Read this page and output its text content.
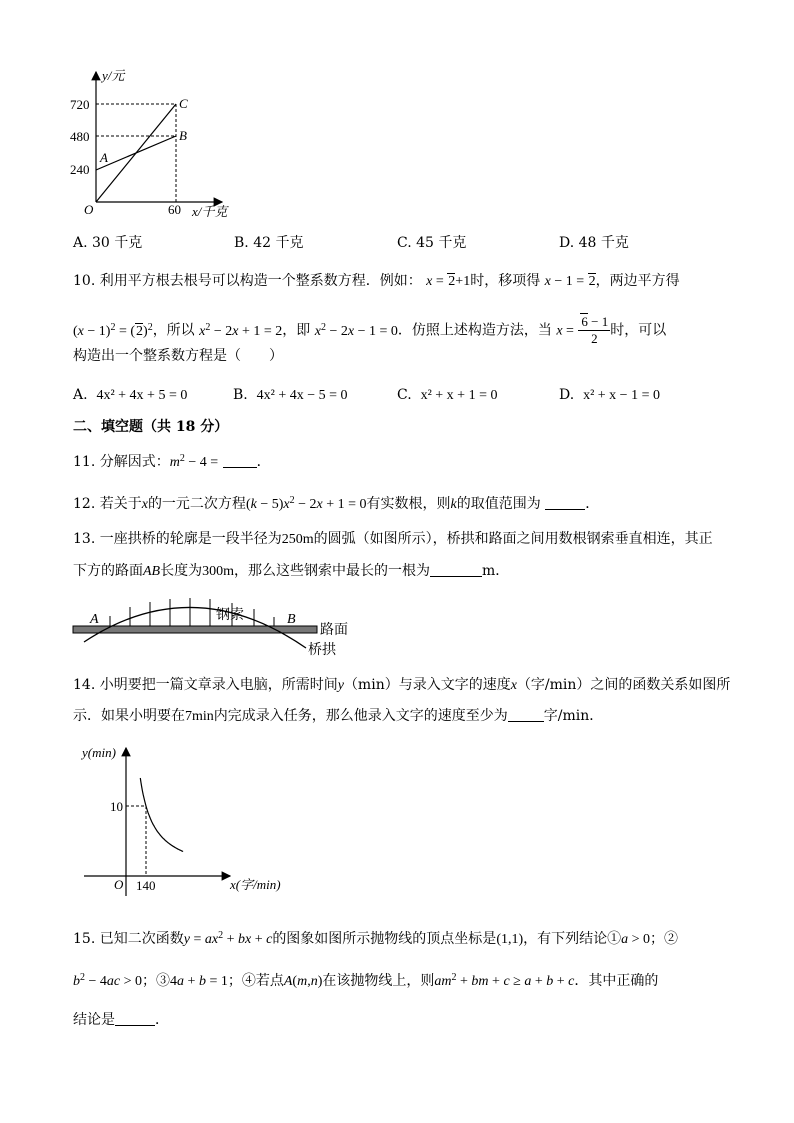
y/元
720
480
240
O	60 x/千克
A
B
C
A. 30 千克	B. 42 千克	C. 45 千克	D. 48 千克
10. 利用平方根去根号可以构造一个整系数方程．例如： x = 2+1时，移项得 x − 1 = 2，两边平方得
$(x - 1)^2 = (2)^2$，所以 $x^2 - 2x + 1 = 2$，即 $x^2 - 2x - 1 = 0$．仿照上述构造方法，当 $x = \frac{6 - 1}{2}$ 时，可以
构造出一个整系数方程是（　　）
A. 4x² + 4x + 5 = 0	B. 4x² + 4x − 5 = 0	C. x² + x + 1 = 0	D. x² + x − 1 = 0
二、填空题（共 18 分）
11. 分解因式：$m^2 - 4$ =	．
12. 若关于x的一元二次方程$(k - 5)x^2 - 2x + 1 = 0$有实数根，则k的取值范围为	．
13. 一座拱桥的轮廓是一段半径为250m的圆弧（如图所示），桥拱和路面之间用数根钢索垂直相连，其正
下方的路面AB长度为300m，那么这些钢索中最长的一根为	m．
A	B
钢索
路面
桥拱
14. 小明要把一篇文章录入电脑，所需时间y（min）与录入文字的速度x（字/min）之间的函数关系如图所
示．如果小明要在7min内完成录入任务，那么他录入文字的速度至少为	字/min．
y(min)
10
O 140	x(字/min)
15. 已知二次函数$y = ax^2$ + bx + c的图象如图所示抛物线的顶点坐标是(1,1)，有下列结论①a > 0；②
$b^2 - 4ac > 0$；③4a + b = 1；④若点A(m,n)在该抛物线上，则$am^2$ + bm + c ≥ a + b + c．其中正确的
结论是	．
